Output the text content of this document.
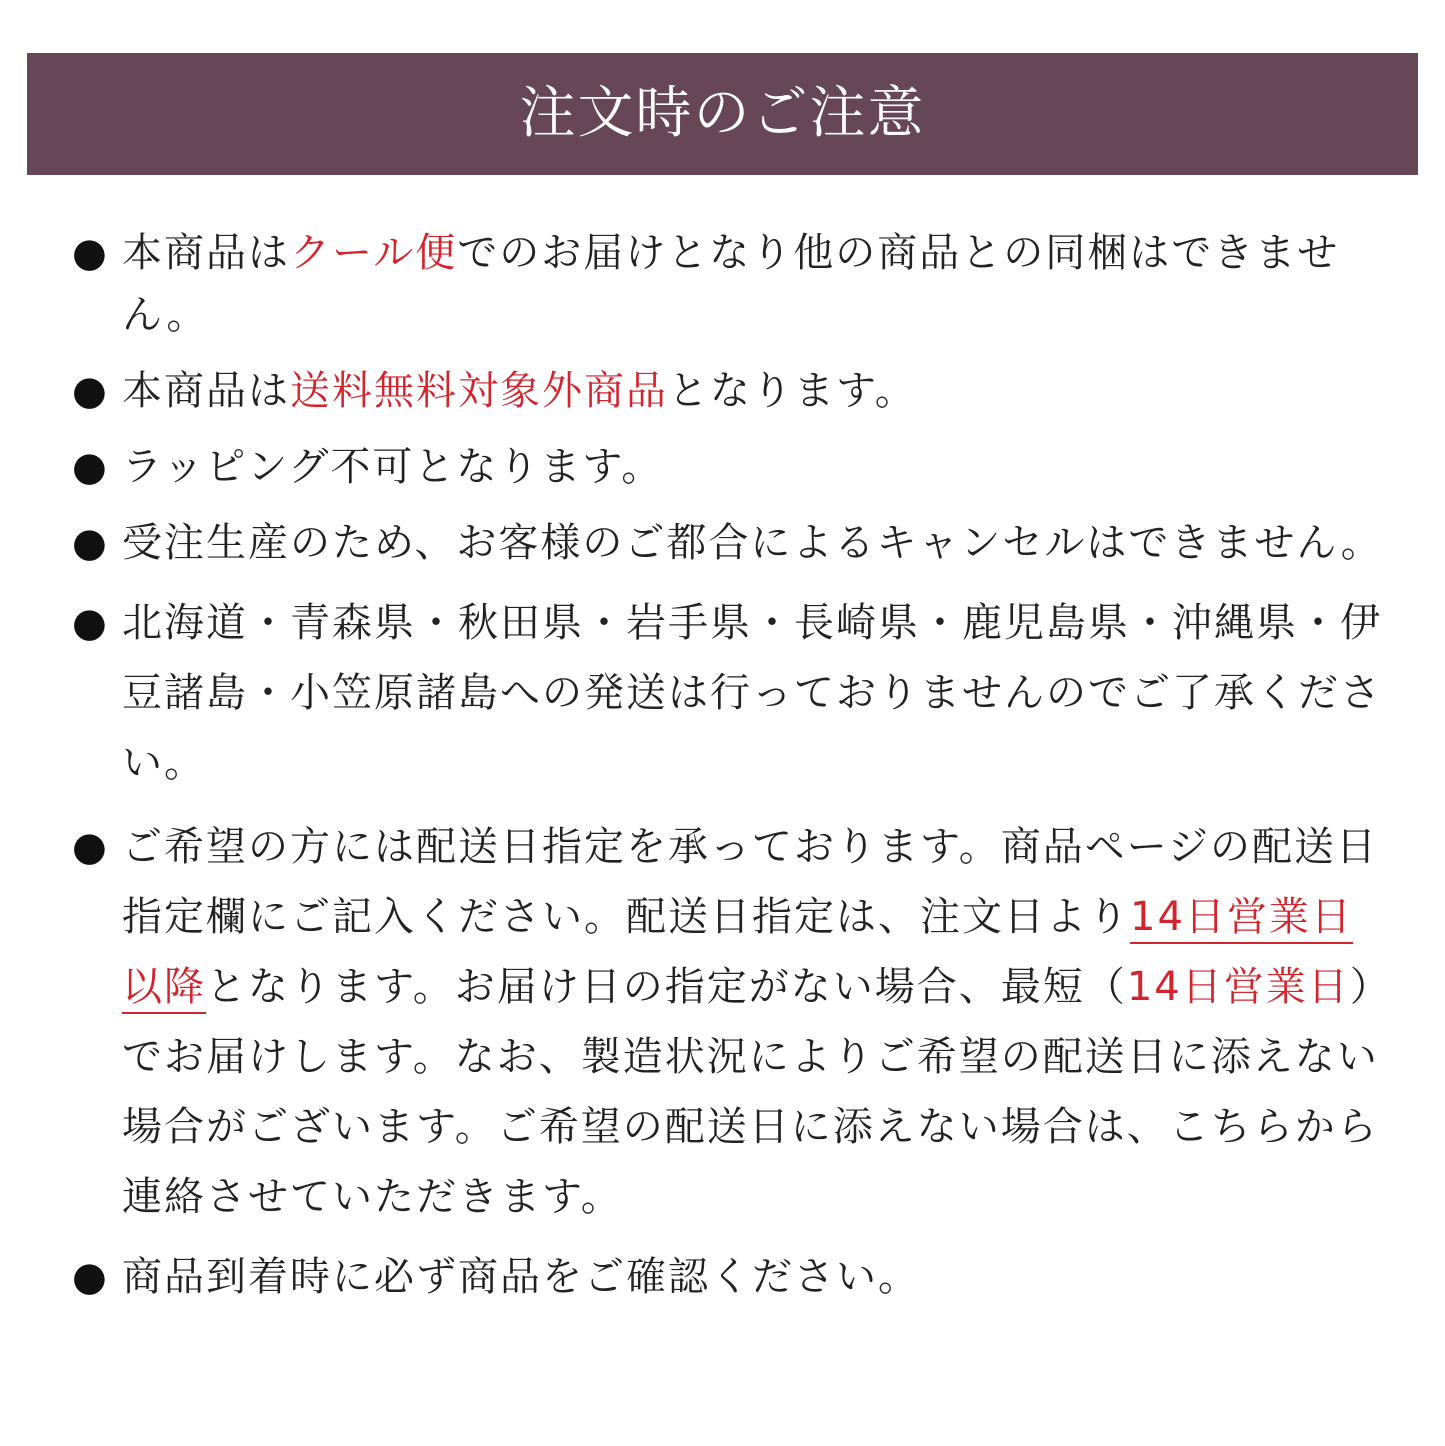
注文時のご注意
● 本商品はクール便でのお届けとなり他の商品との同梱はできません。
● 本商品は送料無料対象外商品となります。
● ラッピング不可となります。
● 受注生産のため、お客様のご都合によるキャンセルはできません。
● 北海道・青森県・秋田県・岩手県・長崎県・鹿児島県・沖縄県・伊豆諸島・小笠原諸島への発送は行っておりませんのでご了承ください。
● ご希望の方には配送日指定を承っております。商品ページの配送日指定欄にご記入ください。配送日指定は、注文日より14日営業日以降となります。お届け日の指定がない場合、最短（14日営業日）でお届けします。なお、製造状況によりご希望の配送日に添えない場合がございます。ご希望の配送日に添えない場合は、こちらから連絡させていただきます。
● 商品到着時に必ず商品をご確認ください。
